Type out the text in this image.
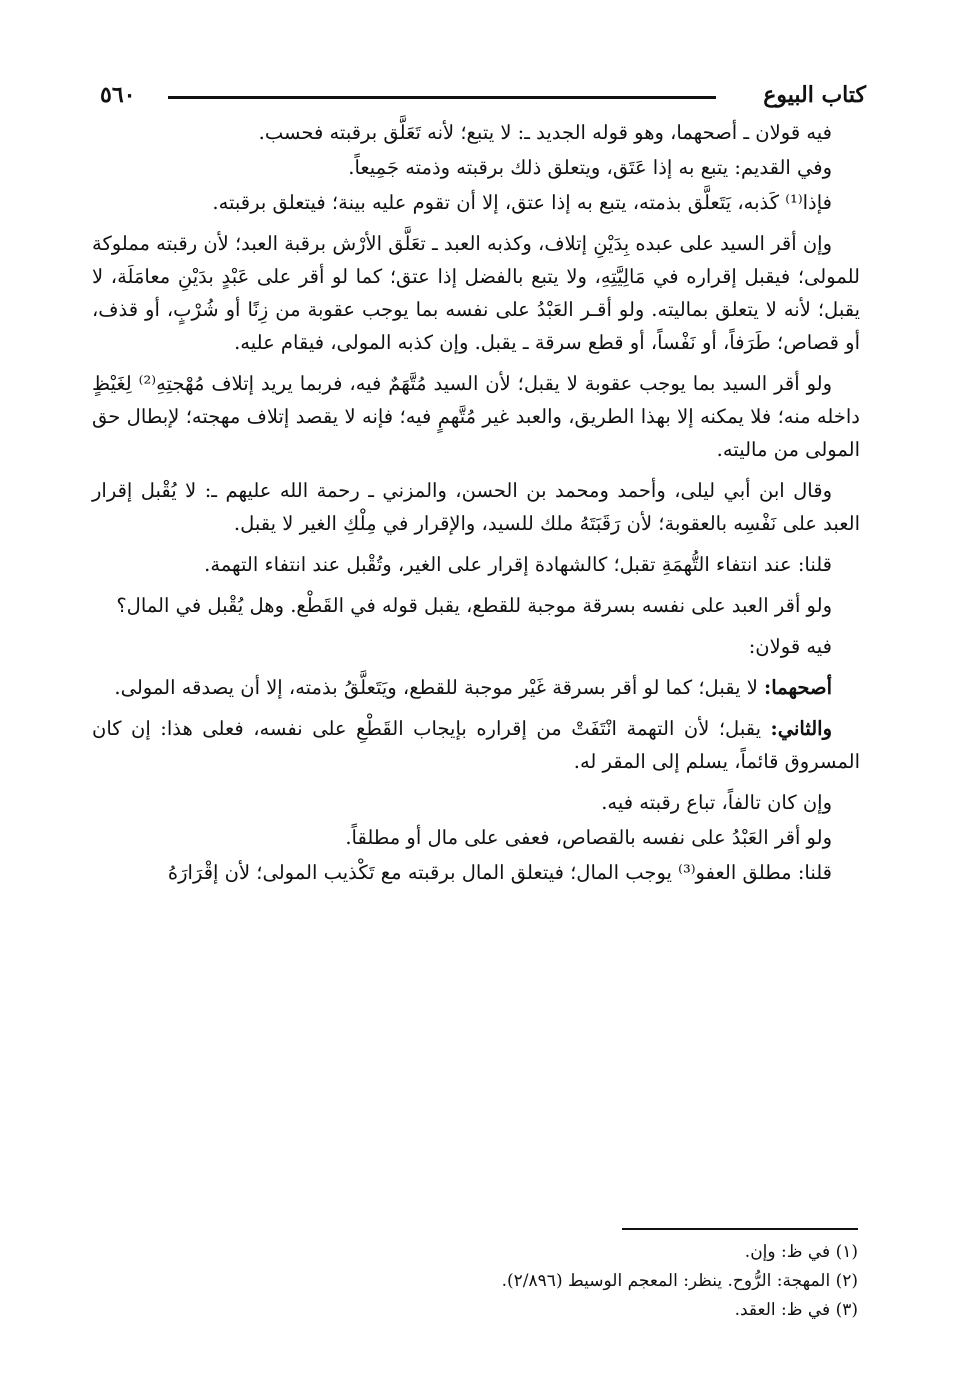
كتاب البيوع
٥٦٠

فيه قولان ـ أصحهما، وهو قوله الجديد ـ: لا يتبع؛ لأنه تَعَلَّق برقبته فحسب.

وفي القديم: يتبع به إذا عَتَق، ويتعلق ذلك برقبته وذمته جَمِيعاً.

فإذا⁽¹⁾ كَذبه، يَتَعلَّق بذمته، يتبع به إذا عتق، إلا أن تقوم عليه بينة؛ فيتعلق برقبته.

وإن أقر السيد على عبده بِدَيْنِ إتلاف، وكذبه العبد ـ تعَلَّق الأرْش برقبة العبد؛ لأن رقبته مملوكة للمولى؛ فيقبل إقراره في مَالِيَّتِهِ، ولا يتبع بالفضل إذا عتق؛ كما لو أقر على عَبْدٍ بدَيْنِ معامَلَة، لا يقبل؛ لأنه لا يتعلق بماليته. ولو أقـر العَبْدُ على نفسه بما يوجب عقوبة من زِنًا أو شُرْبٍ، أو قذف، أو قصاص؛ طَرَفاً، أو نَفْساً، أو قطع سرقة ـ يقبل. وإن كذبه المولى، فيقام عليه.

ولو أقر السيد بما يوجب عقوبة لا يقبل؛ لأن السيد مُتَّهَمٌ فيه، فربما يريد إتلاف مُهْجتِهِ⁽²⁾ لِغَيْظٍ داخله منه؛ فلا يمكنه إلا بهذا الطريق، والعبد غير مُتَّهمٍ فيه؛ فإنه لا يقصد إتلاف مهجته؛ لإبطال حق المولى من ماليته.

وقال ابن أبي ليلى، وأحمد ومحمد بن الحسن، والمزني ـ رحمة الله عليهم ـ: لا يُقْبل إقرار العبد على نَفْسِه بالعقوبة؛ لأن رَقَبَتَهُ ملك للسيد، والإقرار في مِلْكِ الغير لا يقبل.

قلنا: عند انتفاء التُّهمَةِ تقبل؛ كالشهادة إقرار على الغير، وتُقْبل عند انتفاء التهمة.

ولو أقر العبد على نفسه بسرقة موجبة للقطع، يقبل قوله في القَطْع. وهل يُقْبل في المال؟

فيه قولان:

أصحهما: لا يقبل؛ كما لو أقر بسرقة غَيْر موجبة للقطع، ويَتَعلَّقُ بذمته، إلا أن يصدقه المولى.

والثاني: يقبل؛ لأن التهمة انْتَفَتْ من إقراره بإيجاب القَطْعِ على نفسه، فعلى هذا: إن كان المسروق قائماً، يسلم إلى المقر له.

وإن كان تالفاً، تباع رقبته فيه.

ولو أقر العَبْدُ على نفسه بالقصاص، فعفى على مال أو مطلقاً.

قلنا: مطلق العفو⁽³⁾ يوجب المال؛ فيتعلق المال برقبته مع تَكْذيب المولى؛ لأن إقْرَارَهُ

(١) في ظ: وإن.

(٢) المهجة: الرُّوح. ينظر: المعجم الوسيط (٢/٨٩٦).

(٣) في ظ: العقد.
